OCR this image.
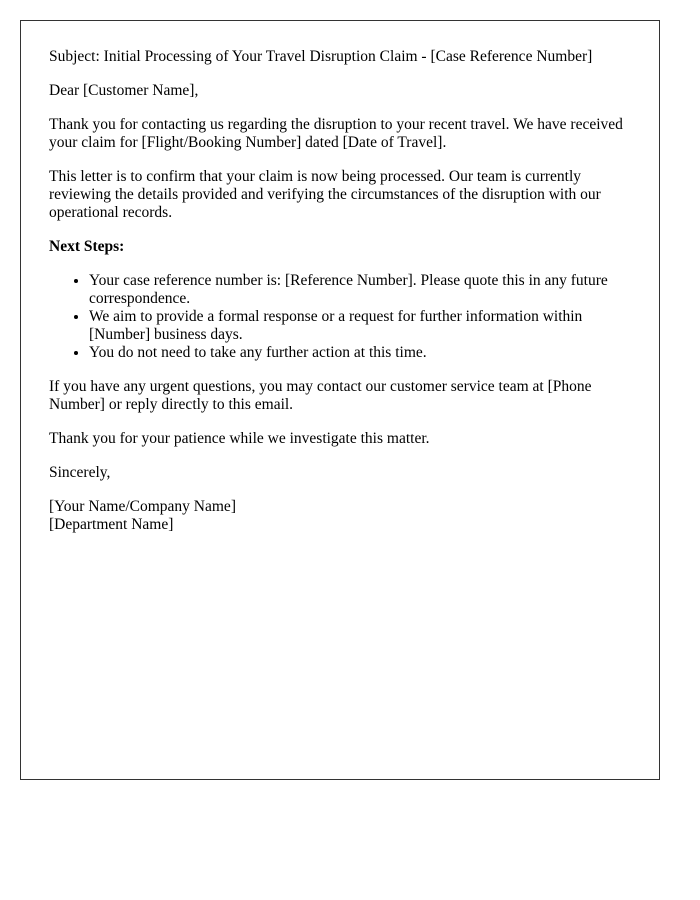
Subject: Initial Processing of Your Travel Disruption Claim - [Case Reference Number]

Dear [Customer Name],

Thank you for contacting us regarding the disruption to your recent travel. We have received your claim for [Flight/Booking Number] dated [Date of Travel].

This letter is to confirm that your claim is now being processed. Our team is currently reviewing the details provided and verifying the circumstances of the disruption with our operational records.

Next Steps:

• Your case reference number is: [Reference Number]. Please quote this in any future correspondence.
• We aim to provide a formal response or a request for further information within [Number] business days.
• You do not need to take any further action at this time.

If you have any urgent questions, you may contact our customer service team at [Phone Number] or reply directly to this email.

Thank you for your patience while we investigate this matter.

Sincerely,

[Your Name/Company Name]
[Department Name]
